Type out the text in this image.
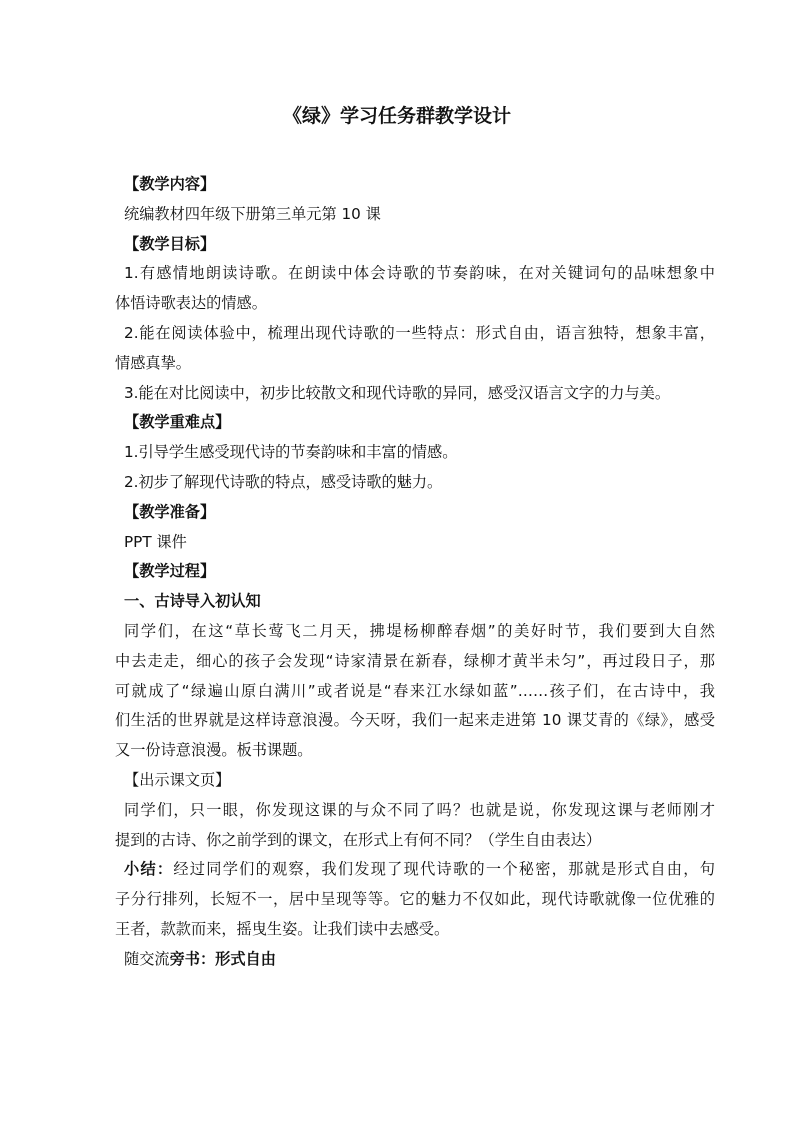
《绿》学习任务群教学设计

【教学内容】

统编教材四年级下册第三单元第 10 课

【教学目标】

1.有感情地朗读诗歌。在朗读中体会诗歌的节奏韵味，在对关键词句的品味想象中

体悟诗歌表达的情感。

2.能在阅读体验中，梳理出现代诗歌的一些特点：形式自由，语言独特，想象丰富，

情感真挚。

3.能在对比阅读中，初步比较散文和现代诗歌的异同，感受汉语言文字的力与美。

【教学重难点】

1.引导学生感受现代诗的节奏韵味和丰富的情感。

2.初步了解现代诗歌的特点，感受诗歌的魅力。

【教学准备】

PPT 课件

【教学过程】

一、古诗导入初认知

同学们，在这“草长莺飞二月天，拂堤杨柳醉春烟”的美好时节，我们要到大自然

中去走走，细心的孩子会发现“诗家清景在新春，绿柳才黄半未匀”，再过段日子，那

可就成了“绿遍山原白满川”或者说是“春来江水绿如蓝”……孩子们，在古诗中，我

们生活的世界就是这样诗意浪漫。今天呀，我们一起来走进第 10 课艾青的《绿》，感受

又一份诗意浪漫。板书课题。

【出示课文页】

同学们，只一眼，你发现这课的与众不同了吗？也就是说，你发现这课与老师刚才

提到的古诗、你之前学到的课文，在形式上有何不同？（学生自由表达）

小结：经过同学们的观察，我们发现了现代诗歌的一个秘密，那就是形式自由，句

子分行排列，长短不一，居中呈现等等。它的魅力不仅如此，现代诗歌就像一位优雅的

王者，款款而来，摇曳生姿。让我们读中去感受。

随交流旁书：形式自由
